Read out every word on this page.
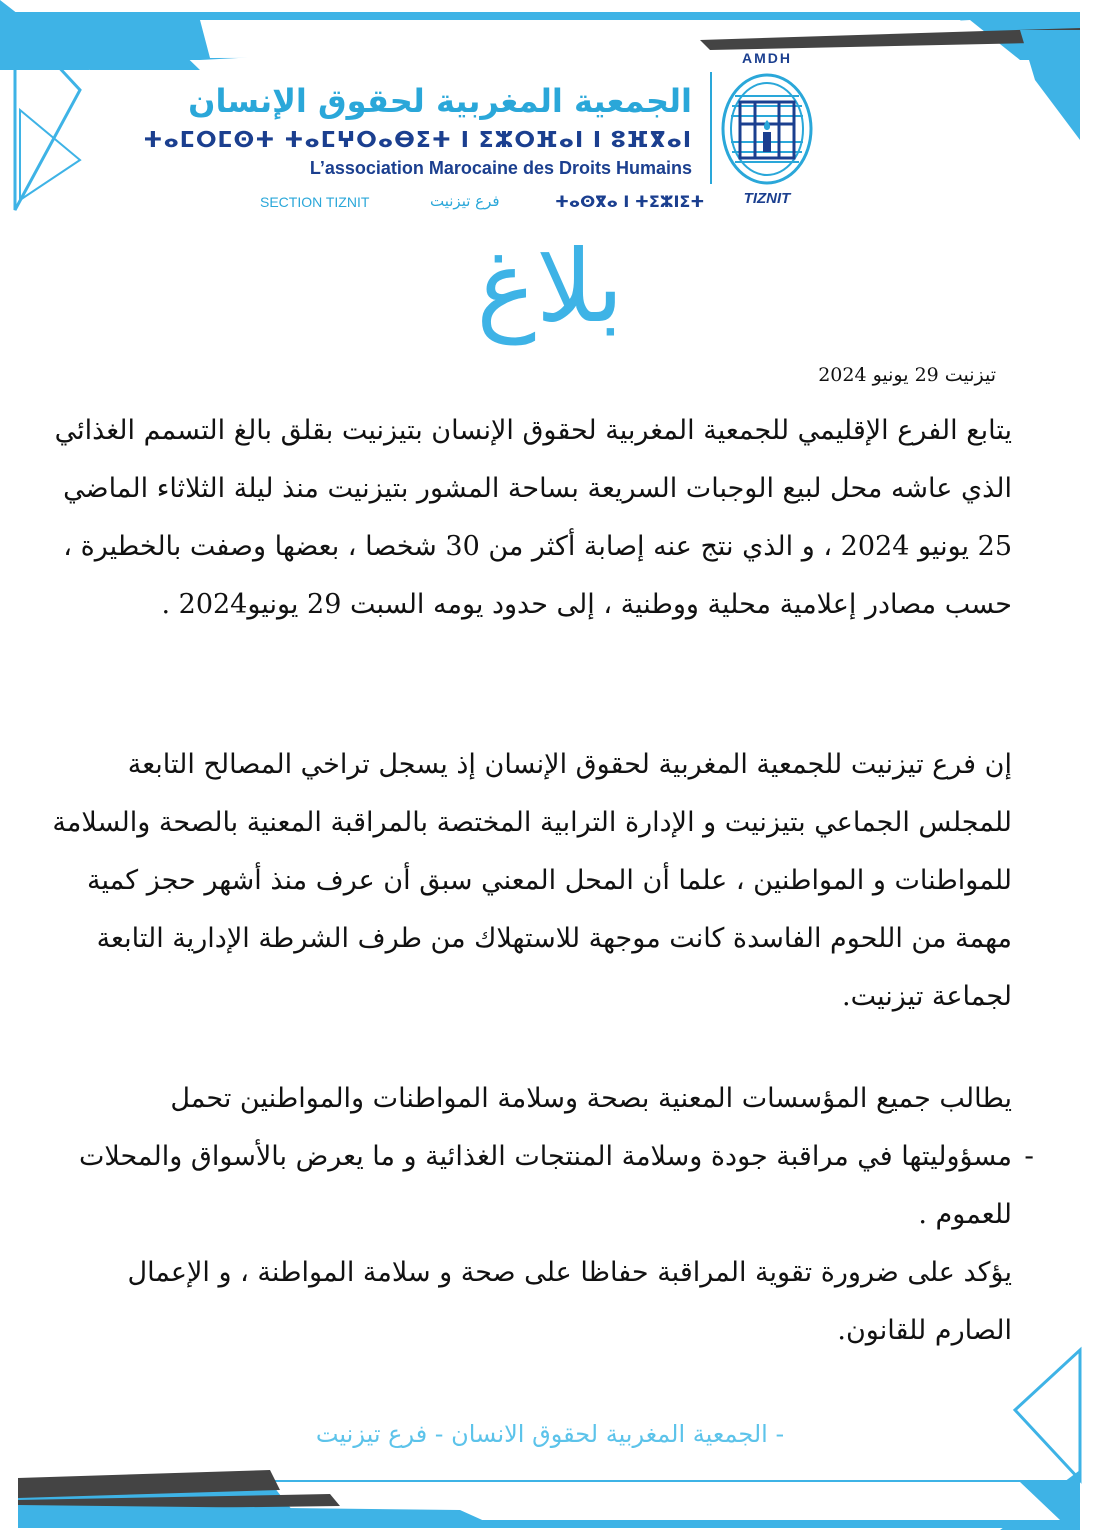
الجمعية المغربية لحقوق الإنسان
ⵜⴰⵎⵔⵎⵙⵜ ⵜⴰⵎⵖⵔⴰⴱⵉⵜ ⵏ ⵉⵣⵔⴼⴰⵏ ⵏ ⵓⴼⴳⴰⵏ
L’association Marocaine des Droits Humains
SECTION TIZNIT	فرع تيزنيت	ⵜⴰⵙⴳⴰ ⵏ ⵜⵉⵣⵏⵉⵜ
AMDH
TIZNIT
بلاغ
تيزنيت 29 يونيو 2024

يتابع الفرع الإقليمي للجمعية المغربية لحقوق الإنسان بتيزنيت بقلق بالغ التسمم الغذائي الذي عاشه محل لبيع الوجبات السريعة بساحة المشور بتيزنيت منذ ليلة الثلاثاء الماضي 25 يونيو 2024 ، و الذي نتج عنه إصابة أكثر من 30 شخصا ، بعضها وصفت بالخطيرة ، حسب مصادر إعلامية محلية ووطنية ، إلى حدود يومه السبت 29 يونيو2024 .

إن فرع تيزنيت للجمعية المغربية لحقوق الإنسان إذ يسجل تراخي المصالح التابعة للمجلس الجماعي بتيزنيت و الإدارة الترابية المختصة بالمراقبة المعنية بالصحة والسلامة للمواطنات و المواطنين ، علما أن المحل المعني سبق أن عرف منذ أشهر حجز كمية مهمة من اللحوم الفاسدة كانت موجهة للاستهلاك من طرف الشرطة الإدارية التابعة لجماعة تيزنيت.

يطالب جميع المؤسسات المعنية بصحة وسلامة المواطنات والمواطنين تحمل

-

مسؤوليتها في مراقبة جودة وسلامة المنتجات الغذائية و ما يعرض بالأسواق والمحلات للعموم .

يؤكد على ضرورة تقوية المراقبة حفاظا على صحة و سلامة المواطنة ، و الإعمال الصارم للقانون.

- الجمعية المغربية لحقوق الانسان - فرع تيزنيت
